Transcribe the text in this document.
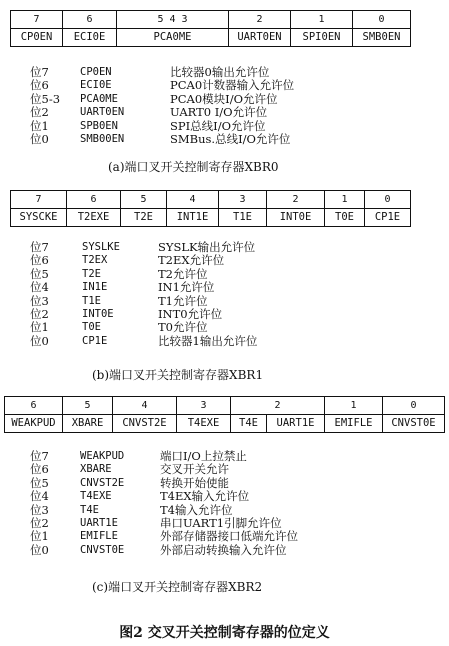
7	6	5 4 3	2	1	0
CP0EN	ECI0E	PCA0ME	UART0EN	SPI0EN	SMB0EN
位7	CP0EN	比较器0输出允许位
位6	ECI0E	PCA0计数器输入允许位
位5-3 PCA0ME	PCA0模块I/O允许位
位2	UART0EN	UART0 I/O允许位
位1	SPB0EN	SPI总线I/O允许位
位0	SMB00EN	SMBus.总线I/O允许位
(a)端口叉开关控制寄存器XBR0
7	6	5	4	3	2	1	0
SYSCKE	T2EXE	T2E	INT1E	T1E	INT0E	T0E	CP1E
位7	SYSLKE	SYSLK输出允许位
位6	T2EX	T2EX允许位
位5	T2E	T2允许位
位4	IN1E	IN1允许位
位3	T1E	T1允许位
位2	INT0E	INT0允许位
位1	T0E	T0允许位
位0	CP1E	比较器1输出允许位
(b)端口叉开关控制寄存器XBR1
6	5	4	3	2		1	0
WEAKPUD	XBARE	CNVST2E	T4EXE	T4E	UART1E	EMIFLE	CNVST0E
位7	WEAKPUD	端口I/O上拉禁止
位6	XBARE	交叉开关允许
位5	CNVST2E	转换开始使能
位4	T4EXE	T4EX输入允许位
位3	T4E	T4输入允许位
位2	UART1E	串口UART1引脚允许位
位1	EMIFLE	外部存储器接口低端允许位
位0	CNVST0E	外部启动转换输入允许位
(c)端口叉开关控制寄存器XBR2
图2 交叉开关控制寄存器的位定义
